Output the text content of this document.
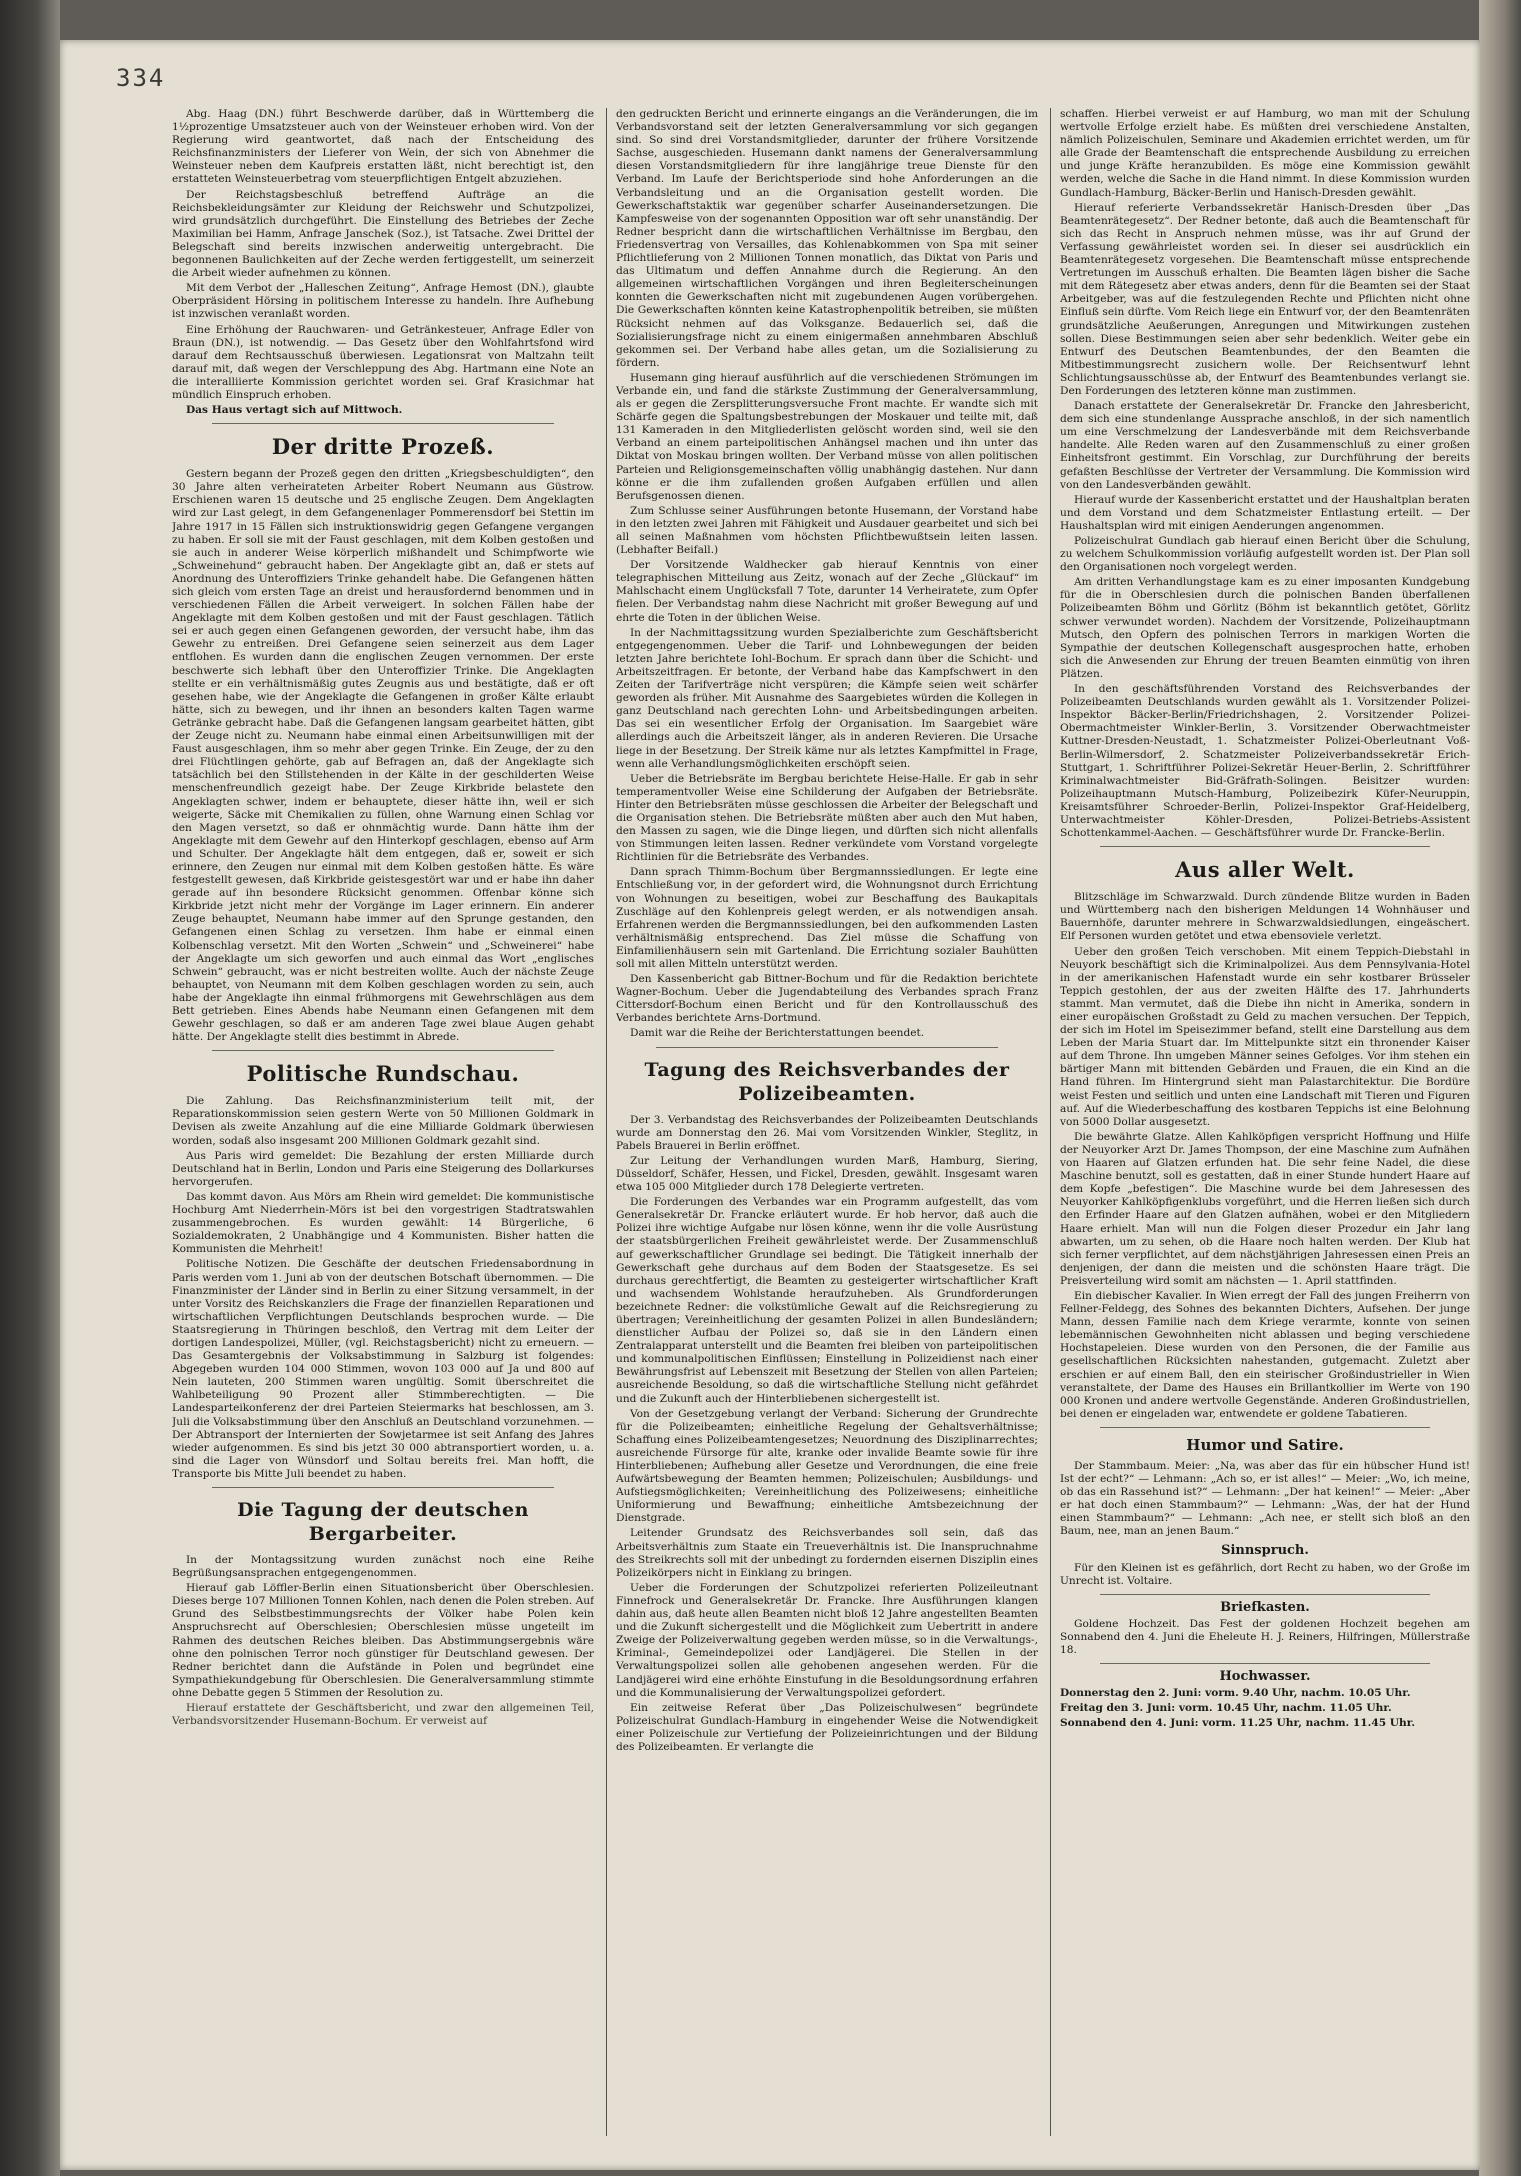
334

Abg. Haag (DN.) führt Beschwerde darüber, daß in Württemberg die 1½prozentige Umsatzsteuer auch von der Weinsteuer erhoben wird. Von der Regierung wird geantwortet, daß nach der Entscheidung des Reichsfinanzministers der Lieferer von Wein, der sich von Abnehmer die Weinsteuer neben dem Kaufpreis erstatten läßt, nicht berechtigt ist, den erstatteten Weinsteuerbetrag vom steuerpflichtigen Entgelt abzuziehen.

Der Reichstagsbeschluß betreffend Aufträge an die Reichsbekleidungsämter zur Kleidung der Reichswehr und Schutzpolizei, wird grundsätzlich durchgeführt. Die Einstellung des Betriebes der Zeche Maximilian bei Hamm, Anfrage Janschek (Soz.), ist Tatsache. Zwei Drittel der Belegschaft sind bereits inzwischen anderweitig untergebracht. Die begonnenen Baulichkeiten auf der Zeche werden fertiggestellt, um seinerzeit die Arbeit wieder aufnehmen zu können.

Mit dem Verbot der „Halleschen Zeitung“, Anfrage Hemost (DN.), glaubte Oberpräsident Hörsing in politischem Interesse zu handeln. Ihre Aufhebung ist inzwischen veranlaßt worden.

Eine Erhöhung der Rauchwaren- und Getränkesteuer, Anfrage Edler von Braun (DN.), ist notwendig. — Das Gesetz über den Wohlfahrtsfond wird darauf dem Rechtsausschuß überwiesen. Legationsrat von Maltzahn teilt darauf mit, daß wegen der Verschleppung des Abg. Hartmann eine Note an die interalliierte Kommission gerichtet worden sei. Graf Krasichmar hat mündlich Einspruch erhoben.

Das Haus vertagt sich auf Mittwoch.

Der dritte Prozeß.

Gestern begann der Prozeß gegen den dritten „Kriegsbeschuldigten“, den 30 Jahre alten verheirateten Arbeiter Robert Neumann aus Güstrow. Erschienen waren 15 deutsche und 25 englische Zeugen. Dem Angeklagten wird zur Last gelegt, in dem Gefangenenlager Pommerensdorf bei Stettin im Jahre 1917 in 15 Fällen sich instruktionswidrig gegen Gefangene vergangen zu haben. Er soll sie mit der Faust geschlagen, mit dem Kolben gestoßen und sie auch in anderer Weise körperlich mißhandelt und Schimpfworte wie „Schweinehund“ gebraucht haben. Der Angeklagte gibt an, daß er stets auf Anordnung des Unteroffiziers Trinke gehandelt habe. Die Gefangenen hätten sich gleich vom ersten Tage an dreist und herausfordernd benommen und in verschiedenen Fällen die Arbeit verweigert. In solchen Fällen habe der Angeklagte mit dem Kolben gestoßen und mit der Faust geschlagen. Tätlich sei er auch gegen einen Gefangenen geworden, der versucht habe, ihm das Gewehr zu entreißen. Drei Gefangene seien seinerzeit aus dem Lager entflohen. Es wurden dann die englischen Zeugen vernommen. Der erste beschwerte sich lebhaft über den Unteroffizier Trinke. Die Angeklagten stellte er ein verhältnismäßig gutes Zeugnis aus und bestätigte, daß er oft gesehen habe, wie der Angeklagte die Gefangenen in großer Kälte erlaubt hätte, sich zu bewegen, und ihr ihnen an besonders kalten Tagen warme Getränke gebracht habe. Daß die Gefangenen langsam gearbeitet hätten, gibt der Zeuge nicht zu. Neumann habe einmal einen Arbeitsunwilligen mit der Faust ausgeschlagen, ihm so mehr aber gegen Trinke. Ein Zeuge, der zu den drei Flüchtlingen gehörte, gab auf Befragen an, daß der Angeklagte sich tatsächlich bei den Stillstehenden in der Kälte in der geschilderten Weise menschenfreundlich gezeigt habe. Der Zeuge Kirkbride belastete den Angeklagten schwer, indem er behauptete, dieser hätte ihn, weil er sich weigerte, Säcke mit Chemikalien zu füllen, ohne Warnung einen Schlag vor den Magen versetzt, so daß er ohnmächtig wurde. Dann hätte ihm der Angeklagte mit dem Gewehr auf den Hinterkopf geschlagen, ebenso auf Arm und Schulter. Der Angeklagte hält dem entgegen, daß er, soweit er sich erinnere, den Zeugen nur einmal mit dem Kolben gestoßen hätte. Es wäre festgestellt gewesen, daß Kirkbride geistesgestört war und er habe ihn daher gerade auf ihn besondere Rücksicht genommen. Offenbar könne sich Kirkbride jetzt nicht mehr der Vorgänge im Lager erinnern. Ein anderer Zeuge behauptet, Neumann habe immer auf den Sprunge gestanden, den Gefangenen einen Schlag zu versetzen. Ihm habe er einmal einen Kolbenschlag versetzt. Mit den Worten „Schwein“ und „Schweinerei“ habe der Angeklagte um sich geworfen und auch einmal das Wort „englisches Schwein“ gebraucht, was er nicht bestreiten wollte. Auch der nächste Zeuge behauptet, von Neumann mit dem Kolben geschlagen worden zu sein, auch habe der Angeklagte ihn einmal frühmorgens mit Gewehrschlägen aus dem Bett getrieben. Eines Abends habe Neumann einen Gefangenen mit dem Gewehr geschlagen, so daß er am anderen Tage zwei blaue Augen gehabt hätte. Der Angeklagte stellt dies bestimmt in Abrede.

Politische Rundschau.

Die Zahlung. Das Reichsfinanzministerium teilt mit, der Reparationskommission seien gestern Werte von 50 Millionen Goldmark in Devisen als zweite Anzahlung auf die eine Milliarde Goldmark überwiesen worden, sodaß also insgesamt 200 Millionen Goldmark gezahlt sind.

Aus Paris wird gemeldet: Die Bezahlung der ersten Milliarde durch Deutschland hat in Berlin, London und Paris eine Steigerung des Dollarkurses hervorgerufen.

Das kommt davon. Aus Mörs am Rhein wird gemeldet: Die kommunistische Hochburg Amt Niederrhein-Mörs ist bei den vorgestrigen Stadtratswahlen zusammengebrochen. Es wurden gewählt: 14 Bürgerliche, 6 Sozialdemokraten, 2 Unabhängige und 4 Kommunisten. Bisher hatten die Kommunisten die Mehrheit!

Politische Notizen. Die Geschäfte der deutschen Friedensabordnung in Paris werden vom 1. Juni ab von der deutschen Botschaft übernommen. — Die Finanzminister der Länder sind in Berlin zu einer Sitzung versammelt, in der unter Vorsitz des Reichskanzlers die Frage der finanziellen Reparationen und wirtschaftlichen Verpflichtungen Deutschlands besprochen wurde. — Die Staatsregierung in Thüringen beschloß, den Vertrag mit dem Leiter der dortigen Landespolizei, Müller, (vgl. Reichstagsbericht) nicht zu erneuern. — Das Gesamtergebnis der Volksabstimmung in Salzburg ist folgendes: Abgegeben wurden 104 000 Stimmen, wovon 103 000 auf Ja und 800 auf Nein lauteten, 200 Stimmen waren ungültig. Somit überschreitet die Wahlbeteiligung 90 Prozent aller Stimmberechtigten. — Die Landesparteikonferenz der drei Parteien Steiermarks hat beschlossen, am 3. Juli die Volksabstimmung über den Anschluß an Deutschland vorzunehmen. — Der Abtransport der Internierten der Sowjetarmee ist seit Anfang des Jahres wieder aufgenommen. Es sind bis jetzt 30 000 abtransportiert worden, u. a. sind die Lager von Wünsdorf und Soltau bereits frei. Man hofft, die Transporte bis Mitte Juli beendet zu haben.

Die Tagung der deutschen Bergarbeiter.

In der Montagssitzung wurden zunächst noch eine Reihe Begrüßungsansprachen entgegengenommen.

Hierauf gab Löffler-Berlin einen Situationsbericht über Oberschlesien. Dieses berge 107 Millionen Tonnen Kohlen, nach denen die Polen streben. Auf Grund des Selbstbestimmungsrechts der Völker habe Polen kein Anspruchsrecht auf Oberschlesien; Oberschlesien müsse ungeteilt im Rahmen des deutschen Reiches bleiben. Das Abstimmungsergebnis wäre ohne den polnischen Terror noch günstiger für Deutschland gewesen. Der Redner berichtet dann die Aufstände in Polen und begründet eine Sympathiekundgebung für Oberschlesien. Die Generalversammlung stimmte ohne Debatte gegen 5 Stimmen der Resolution zu.

Hierauf erstattete der Geschäftsbericht, und zwar den allgemeinen Teil, Verbandsvorsitzender Husemann-Bochum. Er verweist auf

den gedruckten Bericht und erinnerte eingangs an die Veränderungen, die im Verbandsvorstand seit der letzten Generalversammlung vor sich gegangen sind. So sind drei Vorstandsmitglieder, darunter der frühere Vorsitzende Sachse, ausgeschieden. Husemann dankt namens der Generalversammlung diesen Vorstandsmitgliedern für ihre langjährige treue Dienste für den Verband. Im Laufe der Berichtsperiode sind hohe Anforderungen an die Verbandsleitung und an die Organisation gestellt worden. Die Gewerkschaftstaktik war gegenüber scharfer Auseinandersetzungen. Die Kampfesweise von der sogenannten Opposition war oft sehr unanständig. Der Redner bespricht dann die wirtschaftlichen Verhältnisse im Bergbau, den Friedensvertrag von Versailles, das Kohlenabkommen von Spa mit seiner Pflichtlieferung von 2 Millionen Tonnen monatlich, das Diktat von Paris und das Ultimatum und deffen Annahme durch die Regierung. An den allgemeinen wirtschaftlichen Vorgängen und ihren Begleiterscheinungen konnten die Gewerkschaften nicht mit zugebundenen Augen vorübergehen. Die Gewerkschaften könnten keine Katastrophenpolitik betreiben, sie müßten Rücksicht nehmen auf das Volksganze. Bedauerlich sei, daß die Sozialisierungsfrage nicht zu einem einigermaßen annehmbaren Abschluß gekommen sei. Der Verband habe alles getan, um die Sozialisierung zu fördern.

Husemann ging hierauf ausführlich auf die verschiedenen Strömungen im Verbande ein, und fand die stärkste Zustimmung der Generalversammlung, als er gegen die Zersplitterungsversuche Front machte. Er wandte sich mit Schärfe gegen die Spaltungsbestrebungen der Moskauer und teilte mit, daß 131 Kameraden in den Mitgliederlisten gelöscht worden sind, weil sie den Verband an einem parteipolitischen Anhängsel machen und ihn unter das Diktat von Moskau bringen wollten. Der Verband müsse von allen politischen Parteien und Religionsgemeinschaften völlig unabhängig dastehen. Nur dann könne er die ihm zufallenden großen Aufgaben erfüllen und allen Berufsgenossen dienen.

Zum Schlusse seiner Ausführungen betonte Husemann, der Vorstand habe in den letzten zwei Jahren mit Fähigkeit und Ausdauer gearbeitet und sich bei all seinen Maßnahmen vom höchsten Pflichtbewußtsein leiten lassen. (Lebhafter Beifall.)

Der Vorsitzende Waldhecker gab hierauf Kenntnis von einer telegraphischen Mitteilung aus Zeitz, wonach auf der Zeche „Glückauf“ im Mahlschacht einem Unglücksfall 7 Tote, darunter 14 Verheiratete, zum Opfer fielen. Der Verbandstag nahm diese Nachricht mit großer Bewegung auf und ehrte die Toten in der üblichen Weise.

In der Nachmittagssitzung wurden Spezialberichte zum Geschäftsbericht entgegengenommen. Ueber die Tarif- und Lohnbewegungen der beiden letzten Jahre berichtete Iohl-Bochum. Er sprach dann über die Schicht- und Arbeitszeitfragen. Er betonte, der Verband habe das Kampfschwert in den Zeiten der Tarifverträge nicht verspüren; die Kämpfe seien weit schärfer geworden als früher. Mit Ausnahme des Saargebietes würden die Kollegen in ganz Deutschland nach gerechten Lohn- und Arbeitsbedingungen arbeiten. Das sei ein wesentlicher Erfolg der Organisation. Im Saargebiet wäre allerdings auch die Arbeitszeit länger, als in anderen Revieren. Die Ursache liege in der Besetzung. Der Streik käme nur als letztes Kampfmittel in Frage, wenn alle Verhandlungsmöglichkeiten erschöpft seien.

Ueber die Betriebsräte im Bergbau berichtete Heise-Halle. Er gab in sehr temperamentvoller Weise eine Schilderung der Aufgaben der Betriebsräte. Hinter den Betriebsräten müsse geschlossen die Arbeiter der Belegschaft und die Organisation stehen. Die Betriebsräte müßten aber auch den Mut haben, den Massen zu sagen, wie die Dinge liegen, und dürften sich nicht allenfalls von Stimmungen leiten lassen. Redner verkündete vom Vorstand vorgelegte Richtlinien für die Betriebsräte des Verbandes.

Dann sprach Thimm-Bochum über Bergmannssiedlungen. Er legte eine Entschließung vor, in der gefordert wird, die Wohnungsnot durch Errichtung von Wohnungen zu beseitigen, wobei zur Beschaffung des Baukapitals Zuschläge auf den Kohlenpreis gelegt werden, er als notwendigen ansah. Erfahrenen werden die Bergmannssiedlungen, bei den aufkommenden Lasten verhältnismäßig entsprechend. Das Ziel müsse die Schaffung von Einfamilienhäusern sein mit Gartenland. Die Errichtung sozialer Bauhütten soll mit allen Mitteln unterstützt werden.

Den Kassenbericht gab Bittner-Bochum und für die Redaktion berichtete Wagner-Bochum. Ueber die Jugendabteilung des Verbandes sprach Franz Cittersdorf-Bochum einen Bericht und für den Kontrollausschuß des Verbandes berichtete Arns-Dortmund.

Damit war die Reihe der Berichterstattungen beendet.

Tagung des Reichsverbandes der Polizeibeamten.

Der 3. Verbandstag des Reichsverbandes der Polizeibeamten Deutschlands wurde am Donnerstag den 26. Mai vom Vorsitzenden Winkler, Steglitz, in Pabels Brauerei in Berlin eröffnet.

Zur Leitung der Verhandlungen wurden Marß, Hamburg, Siering, Düsseldorf, Schäfer, Hessen, und Fickel, Dresden, gewählt. Insgesamt waren etwa 105 000 Mitglieder durch 178 Delegierte vertreten.

Die Forderungen des Verbandes war ein Programm aufgestellt, das vom Generalsekretär Dr. Francke erläutert wurde. Er hob hervor, daß auch die Polizei ihre wichtige Aufgabe nur lösen könne, wenn ihr die volle Ausrüstung der staatsbürgerlichen Freiheit gewährleistet werde. Der Zusammenschluß auf gewerkschaftlicher Grundlage sei bedingt. Die Tätigkeit innerhalb der Gewerkschaft gehe durchaus auf dem Boden der Staatsgesetze. Es sei durchaus gerechtfertigt, die Beamten zu gesteigerter wirtschaftlicher Kraft und wachsendem Wohlstande heraufzuheben. Als Grundforderungen bezeichnete Redner: die volkstümliche Gewalt auf die Reichsregierung zu übertragen; Vereinheitlichung der gesamten Polizei in allen Bundesländern; dienstlicher Aufbau der Polizei so, daß sie in den Ländern einen Zentralapparat unterstellt und die Beamten frei bleiben von parteipolitischen und kommunalpolitischen Einflüssen; Einstellung in Polizeidienst nach einer Bewährungsfrist auf Lebenszeit mit Besetzung der Stellen von allen Parteien; ausreichende Besoldung, so daß die wirtschaftliche Stellung nicht gefährdet und die Zukunft auch der Hinterbliebenen sichergestellt ist.

Von der Gesetzgebung verlangt der Verband: Sicherung der Grundrechte für die Polizeibeamten; einheitliche Regelung der Gehaltsverhältnisse; Schaffung eines Polizeibeamtengesetzes; Neuordnung des Disziplinarrechtes; ausreichende Fürsorge für alte, kranke oder invalide Beamte sowie für ihre Hinterbliebenen; Aufhebung aller Gesetze und Verordnungen, die eine freie Aufwärtsbewegung der Beamten hemmen; Polizeischulen; Ausbildungs- und Aufstiegsmöglichkeiten; Vereinheitlichung des Polizeiwesens; einheitliche Uniformierung und Bewaffnung; einheitliche Amtsbezeichnung der Dienstgrade.

Leitender Grundsatz des Reichsverbandes soll sein, daß das Arbeitsverhältnis zum Staate ein Treueverhältnis ist. Die Inanspruchnahme des Streikrechts soll mit der unbedingt zu fordernden eisernen Disziplin eines Polizeikörpers nicht in Einklang zu bringen.

Ueber die Forderungen der Schutzpolizei referierten Polizeileutnant Finnefrock und Generalsekretär Dr. Francke. Ihre Ausführungen klangen dahin aus, daß heute allen Beamten nicht bloß 12 Jahre angestellten Beamten und die Zukunft sichergestellt und die Möglichkeit zum Uebertritt in andere Zweige der Polizeiverwaltung gegeben werden müsse, so in die Verwaltungs-, Kriminal-, Gemeindepolizei oder Landjägerei. Die Stellen in der Verwaltungspolizei sollen alle gehobenen angesehen werden. Für die Landjägerei wird eine erhöhte Einstufung in die Besoldungsordnung erfahren und die Kommunalisierung der Verwaltungspolizei gefordert.

Ein zeitweise Referat über „Das Polizeischulwesen“ begründete Polizeischulrat Gundlach-Hamburg in eingehender Weise die Notwendigkeit einer Polizeischule zur Vertiefung der Polizeieinrichtungen und der Bildung des Polizeibeamten. Er verlangte die

schaffen. Hierbei verweist er auf Hamburg, wo man mit der Schulung wertvolle Erfolge erzielt habe. Es müßten drei verschiedene Anstalten, nämlich Polizeischulen, Seminare und Akademien errichtet werden, um für alle Grade der Beamtenschaft die entsprechende Ausbildung zu erreichen und junge Kräfte heranzubilden. Es möge eine Kommission gewählt werden, welche die Sache in die Hand nimmt. In diese Kommission wurden Gundlach-Hamburg, Bäcker-Berlin und Hanisch-Dresden gewählt.

Hierauf referierte Verbandssekretär Hanisch-Dresden über „Das Beamtenrätegesetz“. Der Redner betonte, daß auch die Beamtenschaft für sich das Recht in Anspruch nehmen müsse, was ihr auf Grund der Verfassung gewährleistet worden sei. In dieser sei ausdrücklich ein Beamtenrätegesetz vorgesehen. Die Beamtenschaft müsse entsprechende Vertretungen im Ausschuß erhalten. Die Beamten lägen bisher die Sache mit dem Rätegesetz aber etwas anders, denn für die Beamten sei der Staat Arbeitgeber, was auf die festzulegenden Rechte und Pflichten nicht ohne Einfluß sein dürfte. Vom Reich liege ein Entwurf vor, der den Beamtenräten grundsätzliche Aeußerungen, Anregungen und Mitwirkungen zustehen sollen. Diese Bestimmungen seien aber sehr bedenklich. Weiter gebe ein Entwurf des Deutschen Beamtenbundes, der den Beamten die Mitbestimmungsrecht zusichern wolle. Der Reichsentwurf lehnt Schlichtungsausschüsse ab, der Entwurf des Beamtenbundes verlangt sie. Den Forderungen des letzteren könne man zustimmen.

Danach erstattete der Generalsekretär Dr. Francke den Jahresbericht, dem sich eine stundenlange Aussprache anschloß, in der sich namentlich um eine Verschmelzung der Landesverbände mit dem Reichsverbande handelte. Alle Reden waren auf den Zusammenschluß zu einer großen Einheitsfront gestimmt. Ein Vorschlag, zur Durchführung der bereits gefaßten Beschlüsse der Vertreter der Versammlung. Die Kommission wird von den Landesverbänden gewählt.

Hierauf wurde der Kassenbericht erstattet und der Haushaltplan beraten und dem Vorstand und dem Schatzmeister Entlastung erteilt. — Der Haushaltsplan wird mit einigen Aenderungen angenommen.

Polizeischulrat Gundlach gab hierauf einen Bericht über die Schulung, zu welchem Schulkommission vorläufig aufgestellt worden ist. Der Plan soll den Organisationen noch vorgelegt werden.

Am dritten Verhandlungstage kam es zu einer imposanten Kundgebung für die in Oberschlesien durch die polnischen Banden überfallenen Polizeibeamten Böhm und Görlitz (Böhm ist bekanntlich getötet, Görlitz schwer verwundet worden). Nachdem der Vorsitzende, Polizeihauptmann Mutsch, den Opfern des polnischen Terrors in markigen Worten die Sympathie der deutschen Kollegenschaft ausgesprochen hatte, erhoben sich die Anwesenden zur Ehrung der treuen Beamten einmütig von ihren Plätzen.

In den geschäftsführenden Vorstand des Reichsverbandes der Polizeibeamten Deutschlands wurden gewählt als 1. Vorsitzender Polizei-Inspektor Bäcker-Berlin/Friedrichshagen, 2. Vorsitzender Polizei-Obermachtmeister Winkler-Berlin, 3. Vorsitzender Oberwachtmeister Kuttner-Dresden-Neustadt, 1. Schatzmeister Polizei-Oberleutnant Voß-Berlin-Wilmersdorf, 2. Schatzmeister Polizeiverbandssekretär Erich-Stuttgart, 1. Schriftführer Polizei-Sekretär Heuer-Berlin, 2. Schriftführer Kriminalwachtmeister Bid-Gräfrath-Solingen. Beisitzer wurden: Polizeihauptmann Mutsch-Hamburg, Polizeibezirk Küfer-Neuruppin, Kreisamtsführer Schroeder-Berlin, Polizei-Inspektor Graf-Heidelberg, Unterwachtmeister Köhler-Dresden, Polizei-Betriebs-Assistent Schottenkammel-Aachen. — Geschäftsführer wurde Dr. Francke-Berlin.

Aus aller Welt.

Blitzschläge im Schwarzwald. Durch zündende Blitze wurden in Baden und Württemberg nach den bisherigen Meldungen 14 Wohnhäuser und Bauernhöfe, darunter mehrere in Schwarzwaldsiedlungen, eingeäschert. Elf Personen wurden getötet und etwa ebensoviele verletzt.

Ueber den großen Teich verschoben. Mit einem Teppich-Diebstahl in Neuyork beschäftigt sich die Kriminalpolizei. Aus dem Pennsylvania-Hotel in der amerikanischen Hafenstadt wurde ein sehr kostbarer Brüsseler Teppich gestohlen, der aus der zweiten Hälfte des 17. Jahrhunderts stammt. Man vermutet, daß die Diebe ihn nicht in Amerika, sondern in einer europäischen Großstadt zu Geld zu machen versuchen. Der Teppich, der sich im Hotel im Speisezimmer befand, stellt eine Darstellung aus dem Leben der Maria Stuart dar. Im Mittelpunkte sitzt ein thronender Kaiser auf dem Throne. Ihn umgeben Männer seines Gefolges. Vor ihm stehen ein bärtiger Mann mit bittenden Gebärden und Frauen, die ein Kind an die Hand führen. Im Hintergrund sieht man Palastarchitektur. Die Bordüre weist Festen und seitlich und unten eine Landschaft mit Tieren und Figuren auf. Auf die Wiederbeschaffung des kostbaren Teppichs ist eine Belohnung von 5000 Dollar ausgesetzt.

Die bewährte Glatze. Allen Kahlköpfigen verspricht Hoffnung und Hilfe der Neuyorker Arzt Dr. James Thompson, der eine Maschine zum Aufnähen von Haaren auf Glatzen erfunden hat. Die sehr feine Nadel, die diese Maschine benutzt, soll es gestatten, daß in einer Stunde hundert Haare auf dem Kopfe „befestigen“. Die Maschine wurde bei dem Jahresessen des Neuyorker Kahlköpfigenklubs vorgeführt, und die Herren ließen sich durch den Erfinder Haare auf den Glatzen aufnähen, wobei er den Mitgliedern Haare erhielt. Man will nun die Folgen dieser Prozedur ein Jahr lang abwarten, um zu sehen, ob die Haare noch halten werden. Der Klub hat sich ferner verpflichtet, auf dem nächstjährigen Jahresessen einen Preis an denjenigen, der dann die meisten und die schönsten Haare trägt. Die Preisverteilung wird somit am nächsten — 1. April stattfinden.

Ein diebischer Kavalier. In Wien erregt der Fall des jungen Freiherrn von Fellner-Feldegg, des Sohnes des bekannten Dichters, Aufsehen. Der junge Mann, dessen Familie nach dem Kriege verarmte, konnte von seinen lebemännischen Gewohnheiten nicht ablassen und beging verschiedene Hochstapeleien. Diese wurden von den Personen, die der Familie aus gesellschaftlichen Rücksichten nahestanden, gutgemacht. Zuletzt aber erschien er auf einem Ball, den ein steirischer Großindustrieller in Wien veranstaltete, der Dame des Hauses ein Brillantkollier im Werte von 190 000 Kronen und andere wertvolle Gegenstände. Anderen Großindustriellen, bei denen er eingeladen war, entwendete er goldene Tabatieren.

Humor und Satire.

Der Stammbaum. Meier: „Na, was aber das für ein hübscher Hund ist! Ist der echt?“ — Lehmann: „Ach so, er ist alles!“ — Meier: „Wo, ich meine, ob das ein Rassehund ist?“ — Lehmann: „Der hat keinen!“ — Meier: „Aber er hat doch einen Stammbaum?“ — Lehmann: „Was, der hat der Hund einen Stammbaum?“ — Lehmann: „Ach nee, er stellt sich bloß an den Baum, nee, man an jenen Baum.“

Sinnspruch.

Für den Kleinen ist es gefährlich, dort Recht zu haben, wo der Große im Unrecht ist. Voltaire.

Briefkasten.

Goldene Hochzeit. Das Fest der goldenen Hochzeit begehen am Sonnabend den 4. Juni die Eheleute H. J. Reiners, Hilfringen, Müllerstraße 18.

Hochwasser.

Donnerstag den 2. Juni: vorm. 9.40 Uhr, nachm. 10.05 Uhr.

Freitag den 3. Juni: vorm. 10.45 Uhr, nachm. 11.05 Uhr.

Sonnabend den 4. Juni: vorm. 11.25 Uhr, nachm. 11.45 Uhr.
